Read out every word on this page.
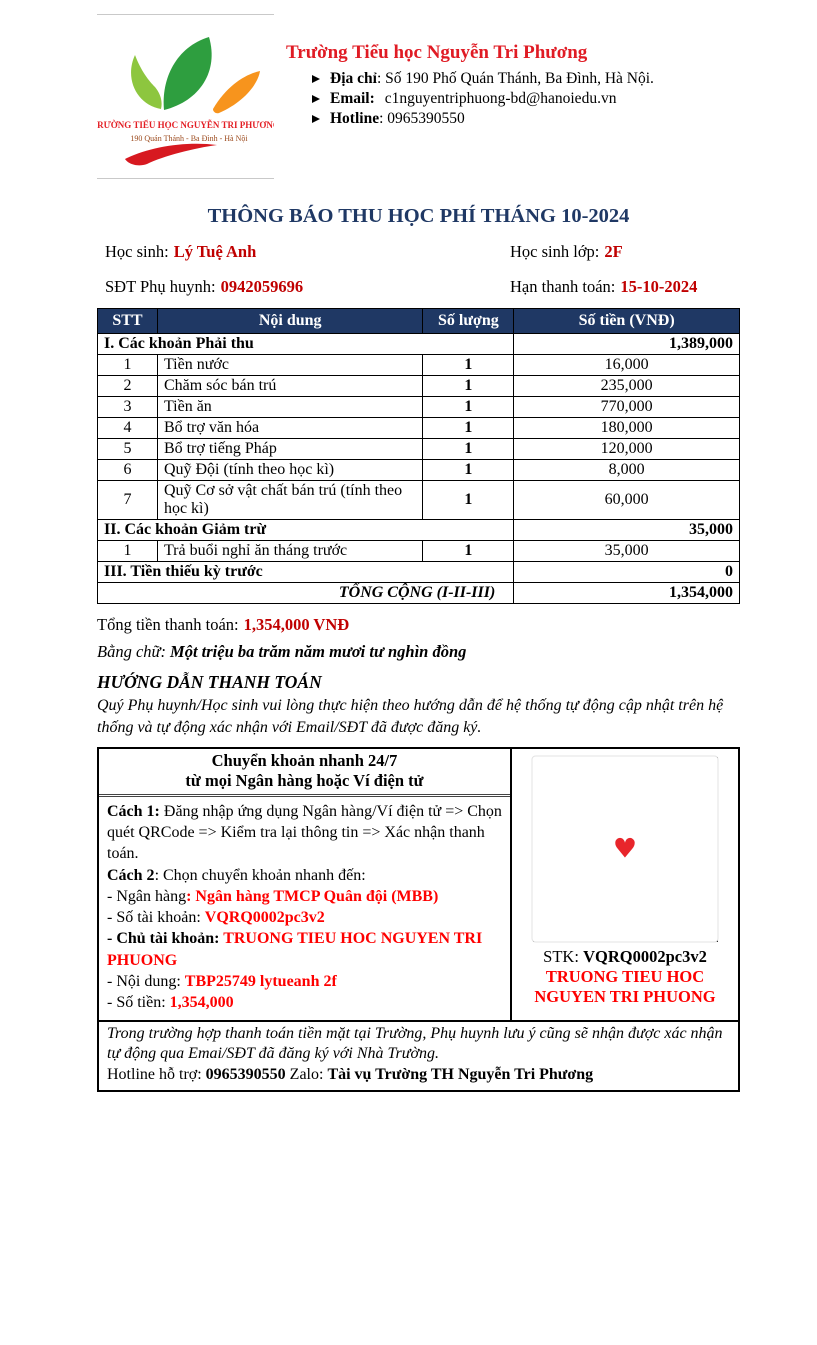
TRƯỜNG TIỂU HỌC NGUYỄN TRI PHƯƠNG
190 Quán Thánh - Ba Đình - Hà Nội
Trường Tiểu học Nguyễn Tri Phương
Địa chỉ: Số 190 Phố Quán Thánh, Ba Đình, Hà Nội.
Email: c1nguyentriphuong-bd@hanoiedu.vn
Hotline: 0965390550
THÔNG BÁO THU HỌC PHÍ THÁNG 10-2024
Học sinh: Lý Tuệ Anh	Học sinh lớp: 2F
SĐT Phụ huynh: 0942059696	Hạn thanh toán: 15-10-2024
STT	Nội dung	Số lượng	Số tiền (VNĐ)
I. Các khoản Phải thu			1,389,000
1	Tiền nước	1	16,000
2	Chăm sóc bán trú	1	235,000
3	Tiền ăn	1	770,000
4	Bổ trợ văn hóa	1	180,000
5	Bổ trợ tiếng Pháp	1	120,000
6	Quỹ Đội (tính theo học kì)	1	8,000
7	Quỹ Cơ sở vật chất bán trú (tính theo học kì)	1	60,000
II. Các khoản Giảm trừ			35,000
1	Trả buổi nghỉ ăn tháng trước	1	35,000
III. Tiền thiếu kỳ trước			0
TỔNG CỘNG (I-II-III)			1,354,000

Tổng tiền thanh toán: 1,354,000 VNĐ

Bằng chữ: Một triệu ba trăm năm mươi tư nghìn đồng

HƯỚNG DẪN THANH TOÁN

Quý Phụ huynh/Học sinh vui lòng thực hiện theo hướng dẫn để hệ thống tự động cập nhật trên hệ thống và tự động xác nhận với Email/SĐT đã được đăng ký.

Chuyển khoản nhanh 24/7
từ mọi Ngân hàng hoặc Ví điện tử

Cách 1: Đăng nhập ứng dụng Ngân hàng/Ví điện tử => Chọn quét QRCode => Kiểm tra lại thông tin => Xác nhận thanh toán.

Cách 2: Chọn chuyển khoản nhanh đến:

- Ngân hàng: Ngân hàng TMCP Quân đội (MBB)

- Số tài khoản: VQRQ0002pc3v2

- Chủ tài khoản: TRUONG TIEU HOC NGUYEN TRI PHUONG

- Nội dung: TBP25749 lytueanh 2f

- Số tiền: 1,354,000

♥
STK: VQRQ0002pc3v2
TRUONG TIEU HOC
NGUYEN TRI PHUONG

Trong trường hợp thanh toán tiền mặt tại Trường, Phụ huynh lưu ý cũng sẽ nhận được xác nhận tự động qua Emai/SĐT đã đăng ký với Nhà Trường.

Hotline hỗ trợ: 0965390550 Zalo: Tài vụ Trường TH Nguyễn Tri Phương
